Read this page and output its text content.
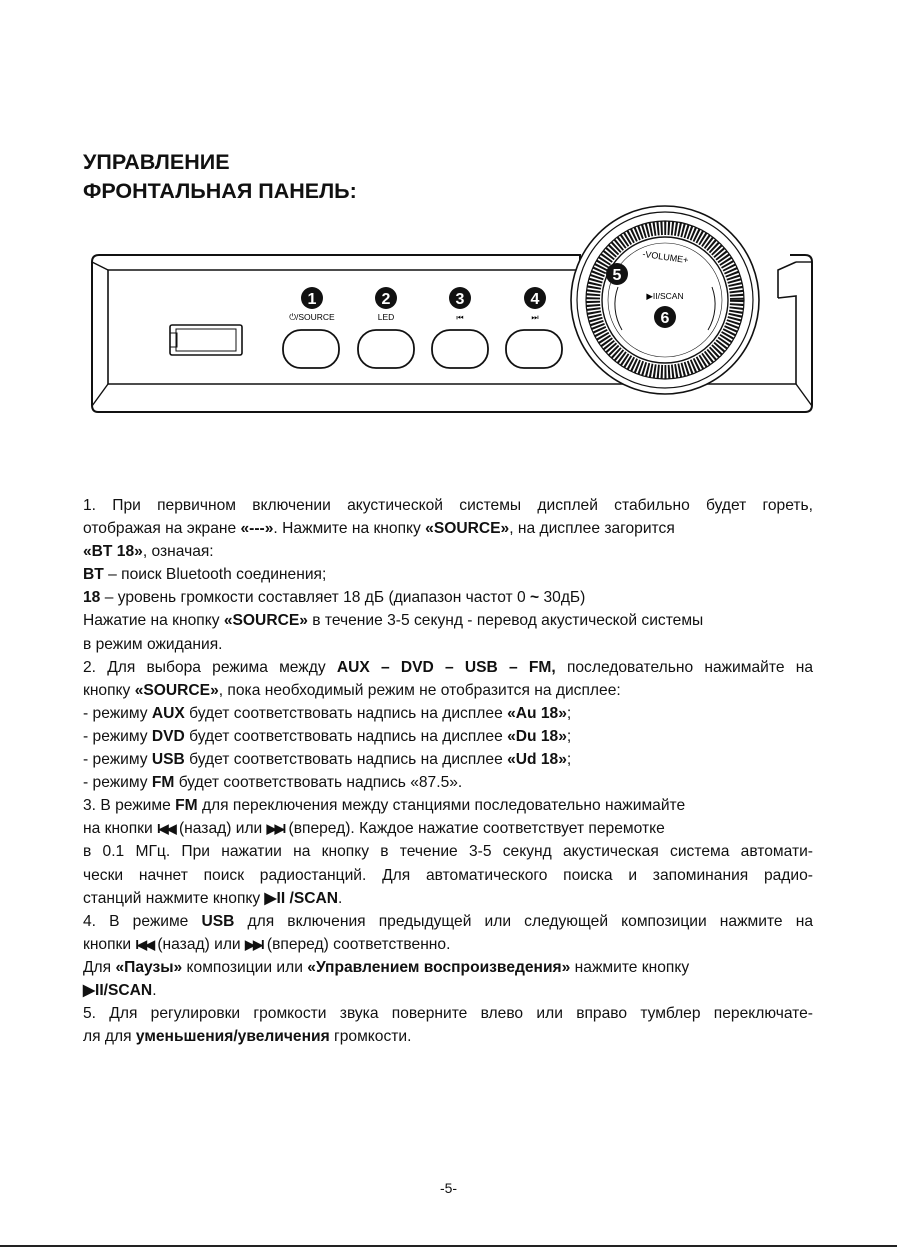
УПРАВЛЕНИЕ
ФРОНТАЛЬНАЯ ПАНЕЛЬ:
1
⏻/SOURCE
2
LED
3
⏮
4
⏭
-VOLUME+
5
▶II/SCAN
6

1. При первичном включении акустической системы дисплей стабильно будет гореть,

отображая на экране «---». Нажмите на кнопку «SOURCE», на дисплее загорится

«BT 18», означая:

BT – поиск Bluetooth соединения;

18 – уровень громкости составляет 18 дБ (диапазон частот 0 ~ 30дБ)

Нажатие на кнопку «SOURCE» в течение 3-5 секунд - перевод акустической системы

в режим ожидания.

2. Для выбора режима между AUX – DVD – USB – FM, последовательно нажимайте на

кнопку «SOURCE», пока необходимый режим не отобразится на дисплее:

- режиму AUX будет соответствовать надпись на дисплее «Au 18»;

- режиму DVD будет соответствовать надпись на дисплее «Du 18»;

- режиму USB будет соответствовать надпись на дисплее «Ud 18»;

- режиму FM будет соответствовать надпись «87.5».

3. В режиме FM для переключения между станциями последовательно нажимайте

на кнопки I◀◀ (назад) или ▶▶I (вперед). Каждое нажатие соответствует перемотке

в 0.1 МГц. При нажатии на кнопку в течение 3-5 секунд акустическая система автомати-

чески начнет поиск радиостанций. Для автоматического поиска и запоминания радио-

станций нажмите кнопку ▶II /SCAN.

4. В режиме USB для включения предыдущей или следующей композиции нажмите на

кнопки I◀◀ (назад) или ▶▶I (вперед) соответственно.

Для «Паузы» композиции или «Управлением воспроизведения» нажмите кнопку

▶II/SCAN.

5. Для регулировки громкости звука поверните влево или вправо тумблер переключате-

ля для уменьшения/увеличения громкости.

-5-
